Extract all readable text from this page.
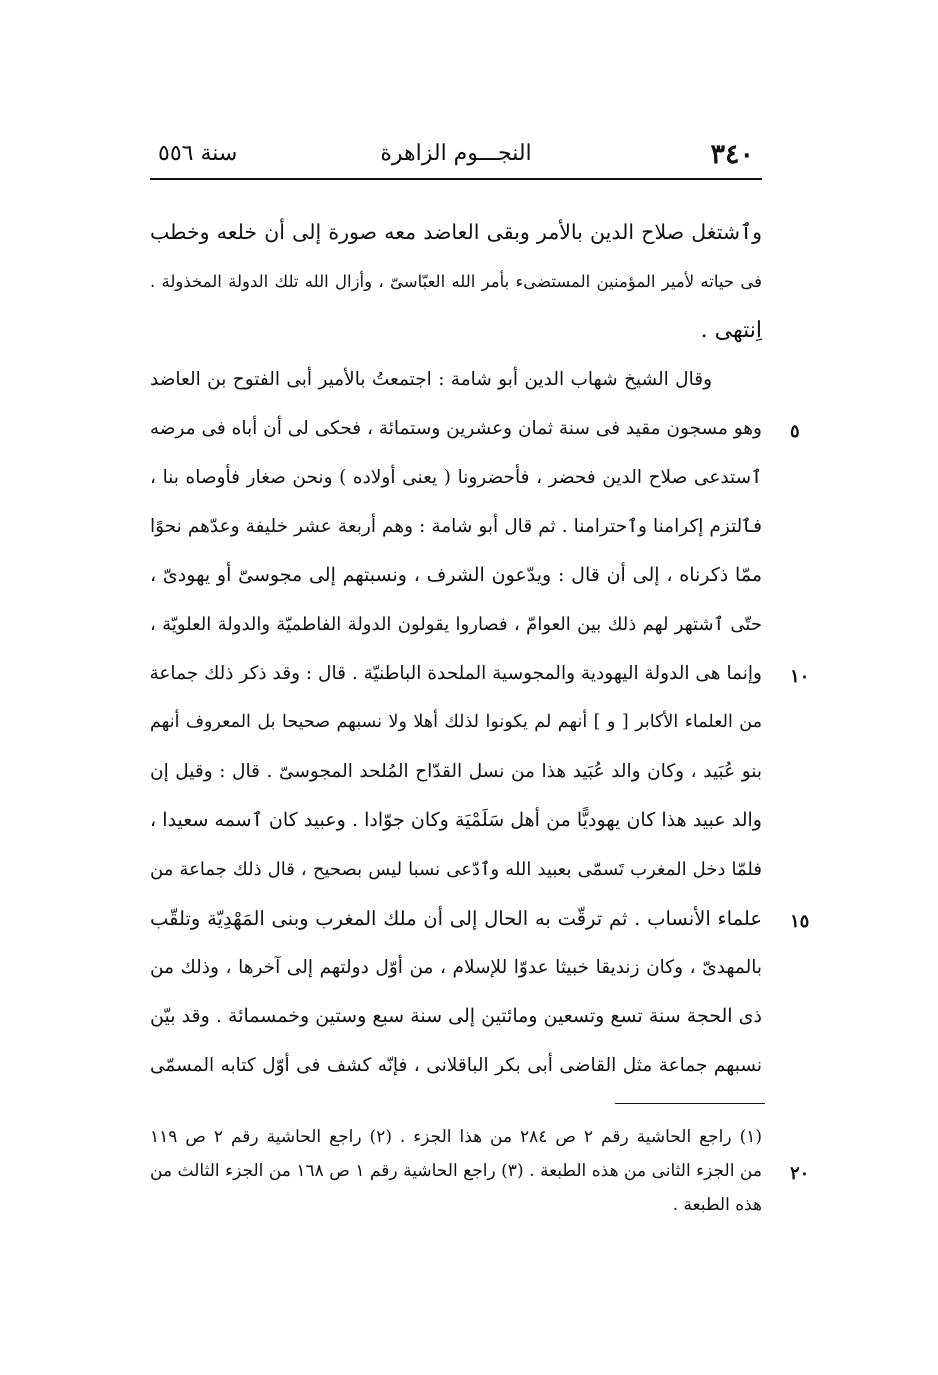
٣٤٠
النجـــوم الزاهرة
سنة ٥٥٦
وٱشتغل صلاح الدين بالأمر وبقى العاضد معه صورة إلى أن خلعه وخطب
فى حياته لأمير المؤمنين المستضىء بأمر الله العبّاسىّ ، وأزال الله تلك الدولة المخذولة .
اِنتهى .
وقال الشيخ شهاب الدين أبو شامة : اجتمعتُ بالأمير أبى الفتوح بن العاضد
وهو مسجون مقيد فى سنة ثمان وعشرين وستمائة ، فحكى لى أن أباه فى مرضه
ٱستدعى صلاح الدين فحضر ، فأحضرونا ( يعنى أولاده ) ونحن صغار فأوصاه بنا ،
فٱلتزم إكرامنا وٱحترامنا . ثم قال أبو شامة : وهم أربعة عشر خليفة وعدّهم نحوًا
ممّا ذكرناه ، إلى أن قال : ويدّعون الشرف ، ونسبتهم إلى مجوسىّ أو يهودىّ ،
حتّى ٱشتهر لهم ذلك بين العوامّ ، فصاروا يقولون الدولة الفاطميّة والدولة العلويّة ،
وإنما هى الدولة اليهودية والمجوسية الملحدة الباطنيّة . قال : وقد ذكر ذلك جماعة
من العلماء الأكابر [ و ] أنهم لم يكونوا لذلك أهلا ولا نسبهم صحيحا بل المعروف أنهم
بنو عُبَيد ، وكان والد عُبَيد هذا من نسل القدّاح المُلحد المجوسىّ . قال : وقيل إن
والد عبيد هذا كان يهوديًّا من أهل سَلَمْيَة وكان جوّادا . وعبيد كان ٱسمه سعيدا ،
فلمّا دخل المغرب تَسمّى بعبيد الله وٱدّعى نسبا ليس بصحيح ، قال ذلك جماعة من
علماء الأنساب . ثم ترقّت به الحال إلى أن ملك المغرب وبنى المَهْدِيّة وتلقّب
بالمهدىّ ، وكان زنديقا خبيثا عدوّا للإسلام ، من أوّل دولتهم إلى آخرها ، وذلك من
ذى الحجة سنة تسع وتسعين ومائتين إلى سنة سبع وستين وخمسمائة . وقد بيّن
نسبهم جماعة مثل القاضى أبى بكر الباقلانى ، فإنّه كشف فى أوّل كتابه المسمّى
٥
١٠
١٥
(١) راجع الحاشية رقم ٢ ص ٢٨٤ من هذا الجزء . (٢) راجع الحاشية رقم ٢ ص ١١٩
من الجزء الثانى من هذه الطبعة . (٣) راجع الحاشية رقم ١ ص ١٦٨ من الجزء الثالث من
هذه الطبعة .
٢٠
